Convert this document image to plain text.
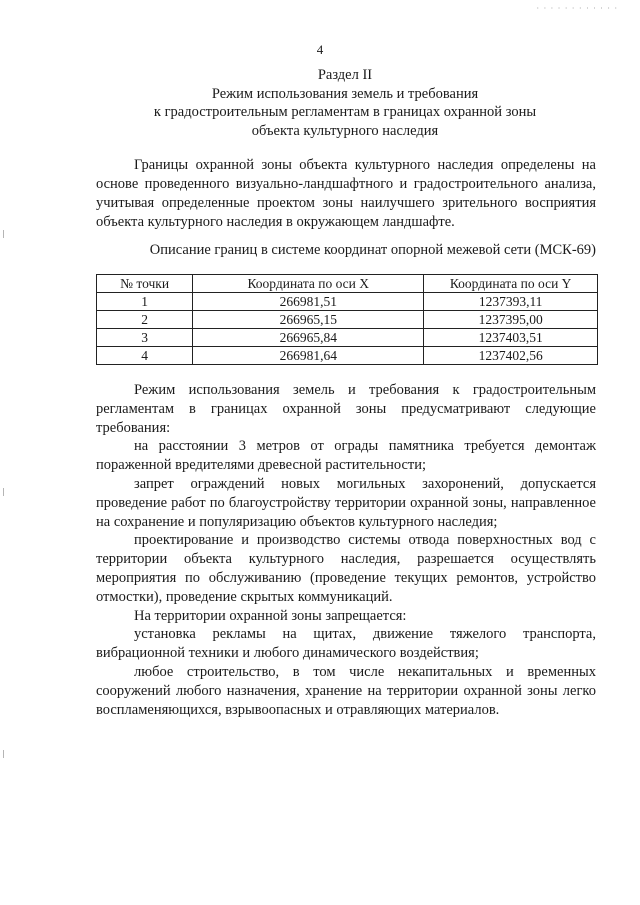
· · · · · · · · · · · ·
4
Раздел II
Режим использования земель и требования
к градостроительным регламентам в границах охранной зоны
объекта культурного наследия
Границы охранной зоны объекта культурного наследия определены на основе проведенного визуально-ландшафтного и градостроительного анализа, учитывая определенные проектом зоны наилучшего зрительного восприятия объекта культурного наследия в окружающем ландшафте.
Описание границ в системе координат опорной межевой сети (МСК-69)
№ точки	Координата по оси X	Координата по оси Y
1	266981,51	1237393,11
2	266965,15	1237395,00
3	266965,84	1237403,51
4	266981,64	1237402,56

Режим использования земель и требования к градостроительным регламентам в границах охранной зоны предусматривают следующие требования:

на расстоянии 3 метров от ограды памятника требуется демонтаж пораженной вредителями древесной растительности;

запрет ограждений новых могильных захоронений, допускается проведение работ по благоустройству территории охранной зоны, направленное на сохранение и популяризацию объектов культурного наследия;

проектирование и производство системы отвода поверхностных вод с территории объекта культурного наследия, разрешается осуществлять мероприятия по обслуживанию (проведение текущих ремонтов, устройство отмостки), проведение скрытых коммуникаций.

На территории охранной зоны запрещается:

установка рекламы на щитах, движение тяжелого транспорта, вибрационной техники и любого динамического воздействия;

любое строительство, в том числе некапитальных и временных сооружений любого назначения, хранение на территории охранной зоны легко воспламеняющихся, взрывоопасных и отравляющих материалов.
